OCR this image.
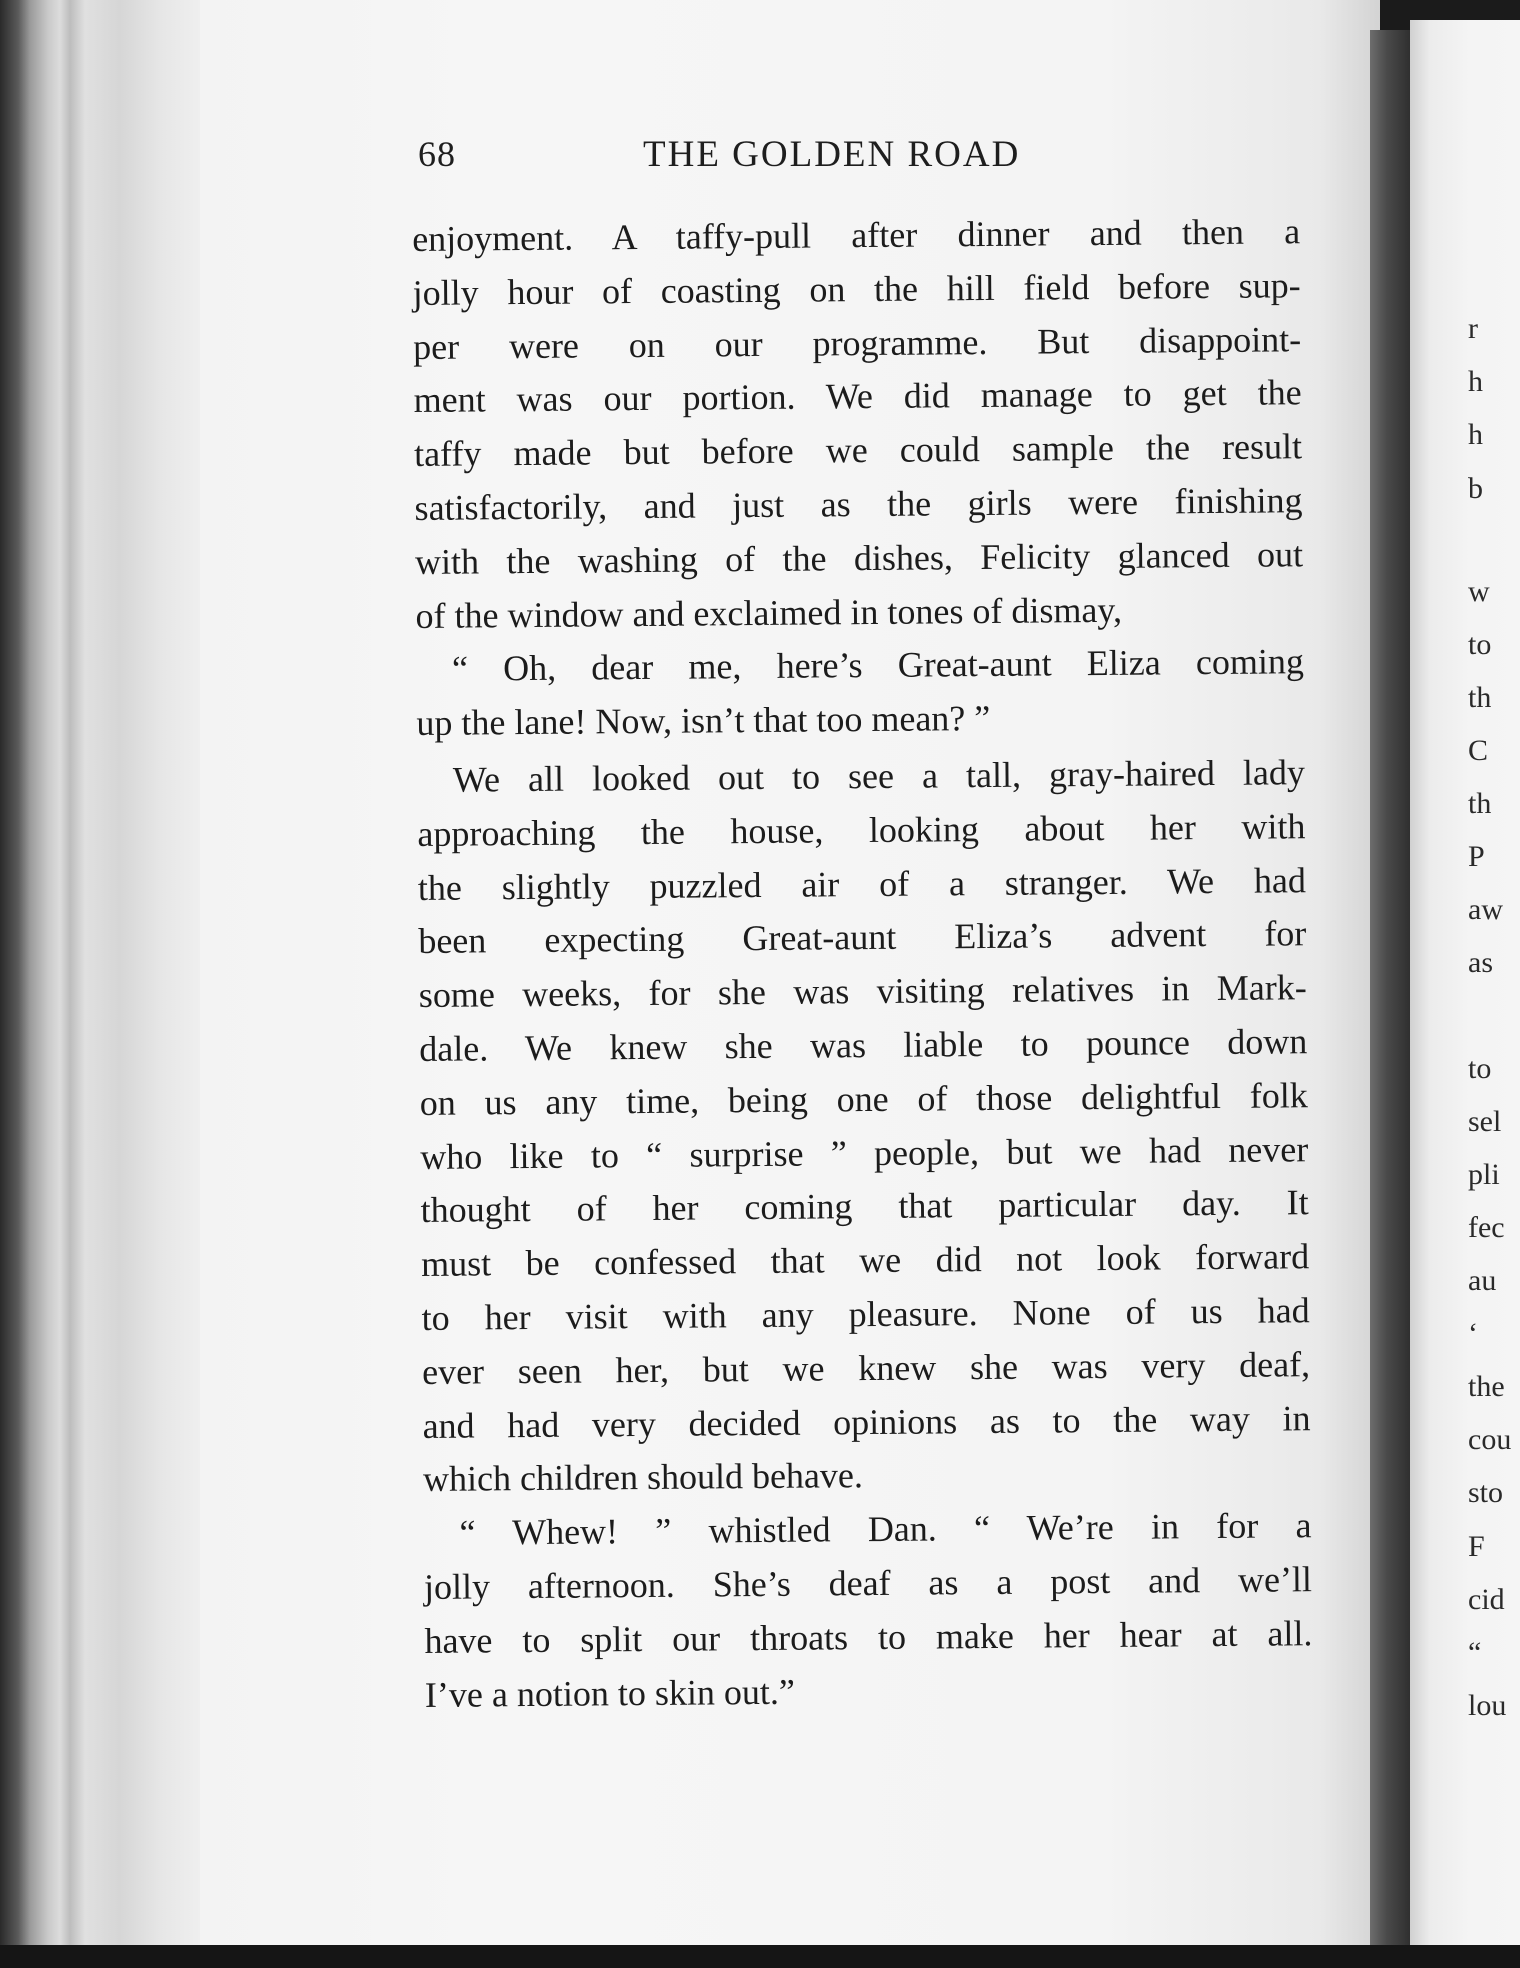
68	THE GOLDEN ROAD
enjoyment. A taffy-pull after dinner and then a
jolly hour of coasting on the hill field before sup-
per were on our programme. But disappoint-
ment was our portion. We did manage to get the
taffy made but before we could sample the result
satisfactorily, and just as the girls were finishing
with the washing of the dishes, Felicity glanced out
of the window and exclaimed in tones of dismay,
“ Oh, dear me, here’s Great-aunt Eliza coming
up the lane! Now, isn’t that too mean? ”
We all looked out to see a tall, gray-haired lady
approaching the house, looking about her with
the slightly puzzled air of a stranger. We had
been expecting Great-aunt Eliza’s advent for
some weeks, for she was visiting relatives in Mark-
dale. We knew she was liable to pounce down
on us any time, being one of those delightful folk
who like to “ surprise ” people, but we had never
thought of her coming that particular day. It
must be confessed that we did not look forward
to her visit with any pleasure. None of us had
ever seen her, but we knew she was very deaf,
and had very decided opinions as to the way in
which children should behave.
“ Whew! ” whistled Dan. “ We’re in for a
jolly afternoon. She’s deaf as a post and we’ll
have to split our throats to make her hear at all.
I’ve a notion to skin out.”
r
h
h
b
w
to
th
C
th
P
aw
as
to
sel
pli
fec
au
‘
the
cou
sto
F
cid
“
lou
